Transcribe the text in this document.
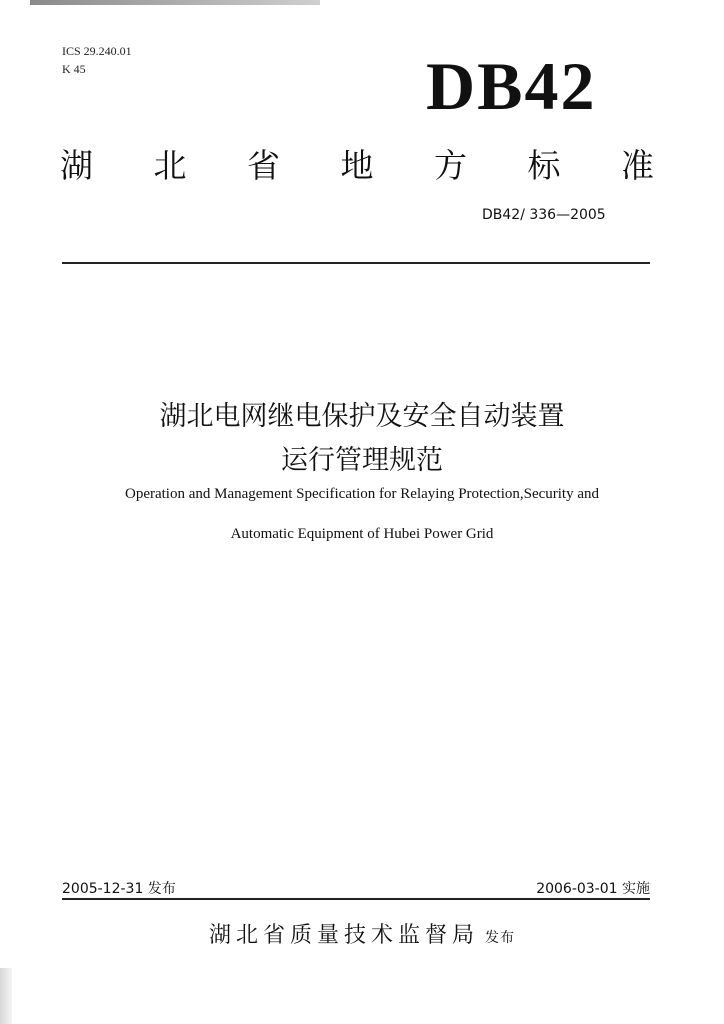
ICS 29.240.01
K 45	DB42
湖 北 省 地 方 标 准
DB42/ 336—2005
湖北电网继电保护及安全自动装置
运行管理规范
Operation and Management Specification for Relaying Protection,Security and
Automatic Equipment of Hubei Power Grid
2005-12-31 发布	2006-03-01 实施
湖北省质量技术监督局 发布
